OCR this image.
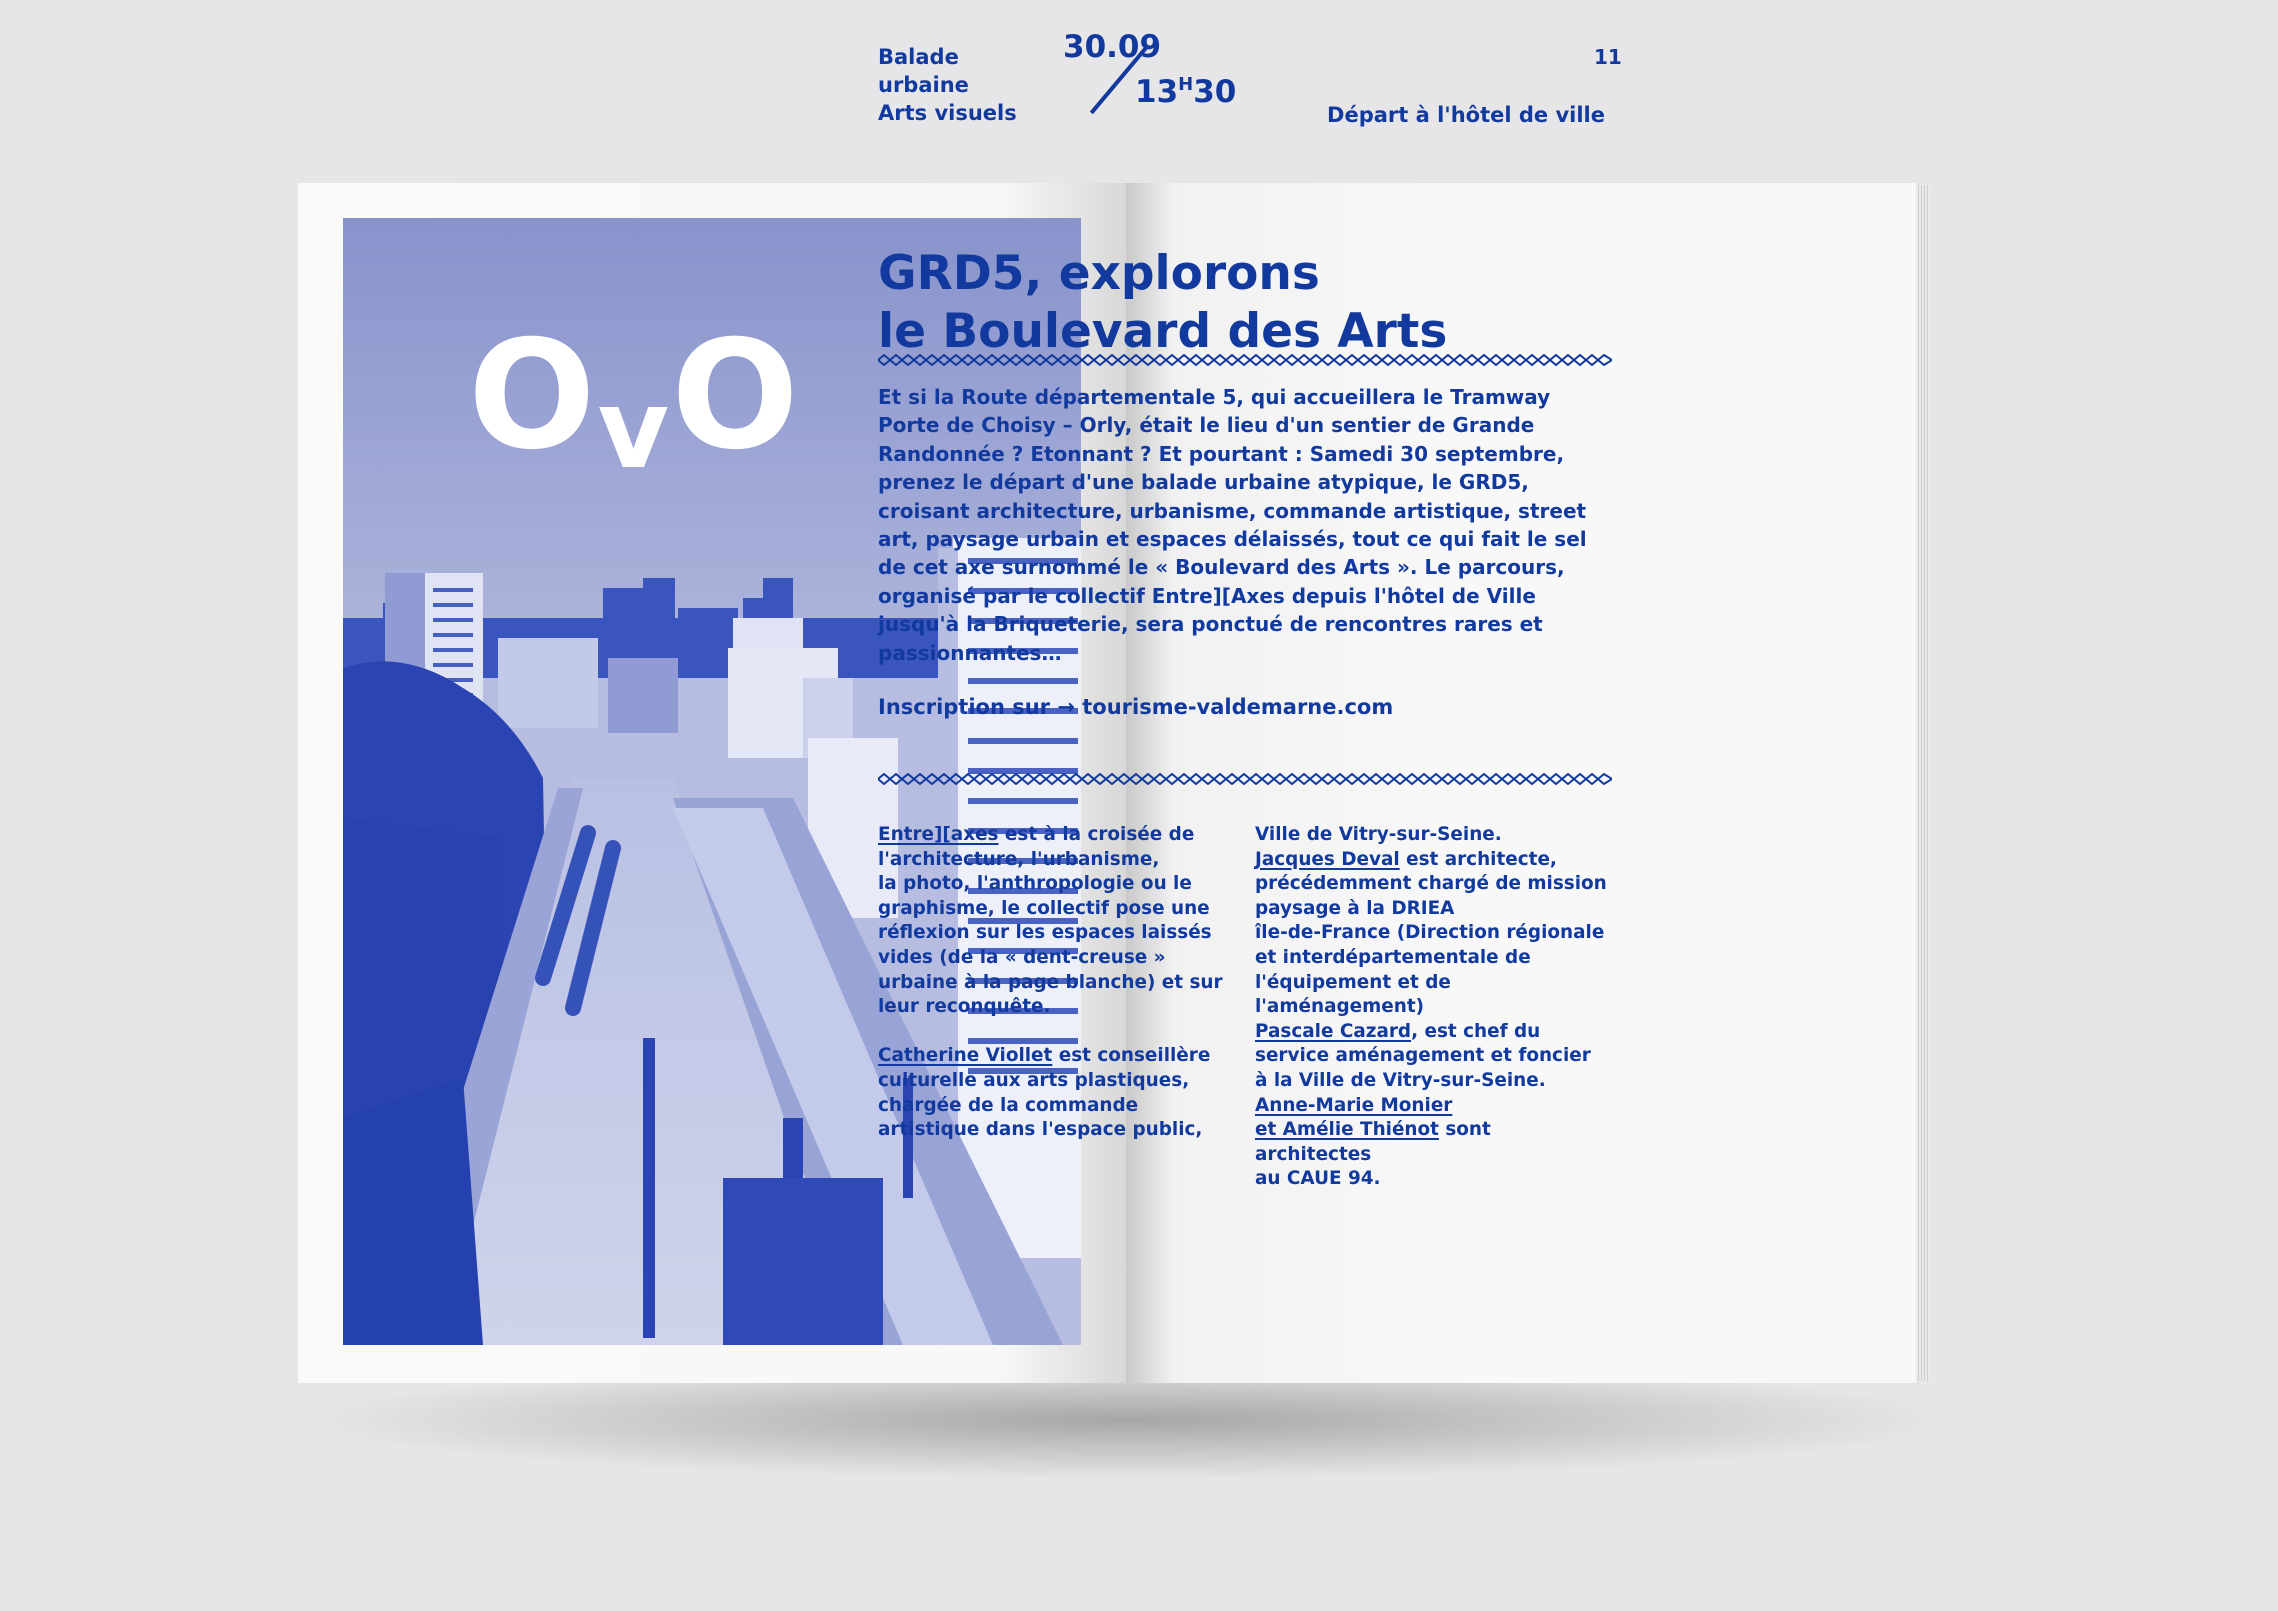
OvO
Balade
urbaine
Arts visuels
30.09
$13^H30$
11
Départ à l'hôtel de ville
GRD5, explorons
le Boulevard des Arts
Et si la Route départementale 5, qui accueillera le Tramway
Porte de Choisy – Orly, était le lieu d'un sentier de Grande
Randonnée ? Etonnant ? Et pourtant : Samedi 30 septembre,
prenez le départ d'une balade urbaine atypique, le GRD5,
croisant architecture, urbanisme, commande artistique, street
art, paysage urbain et espaces délaissés, tout ce qui fait le sel
de cet axe surnommé le « Boulevard des Arts ». Le parcours,
organisé par le collectif Entre][Axes depuis l'hôtel de Ville
jusqu'à la Briqueterie, sera ponctué de rencontres rares et
passionnantes…
Inscription sur → tourisme-valdemarne.com

Entre][axes est à la croisée de

l'architecture, l'urbanisme,

la photo, l'anthropologie ou le

graphisme, le collectif pose une

réflexion sur les espaces laissés

vides (de la « dent-creuse »

urbaine à la page blanche) et sur

leur reconquête.

Catherine Viollet est conseillère

culturelle aux arts plastiques,

chargée de la commande

artistique dans l'espace public,

Ville de Vitry-sur-Seine.

Jacques Deval est architecte,

précédemment chargé de mission

paysage à la DRIEA

île-de-France (Direction régionale

et interdépartementale de

l'équipement et de l'aménagement)

Pascale Cazard, est chef du

service aménagement et foncier

à la Ville de Vitry-sur-Seine.

Anne-Marie Monier

et Amélie Thiénot sont architectes

au CAUE 94.
